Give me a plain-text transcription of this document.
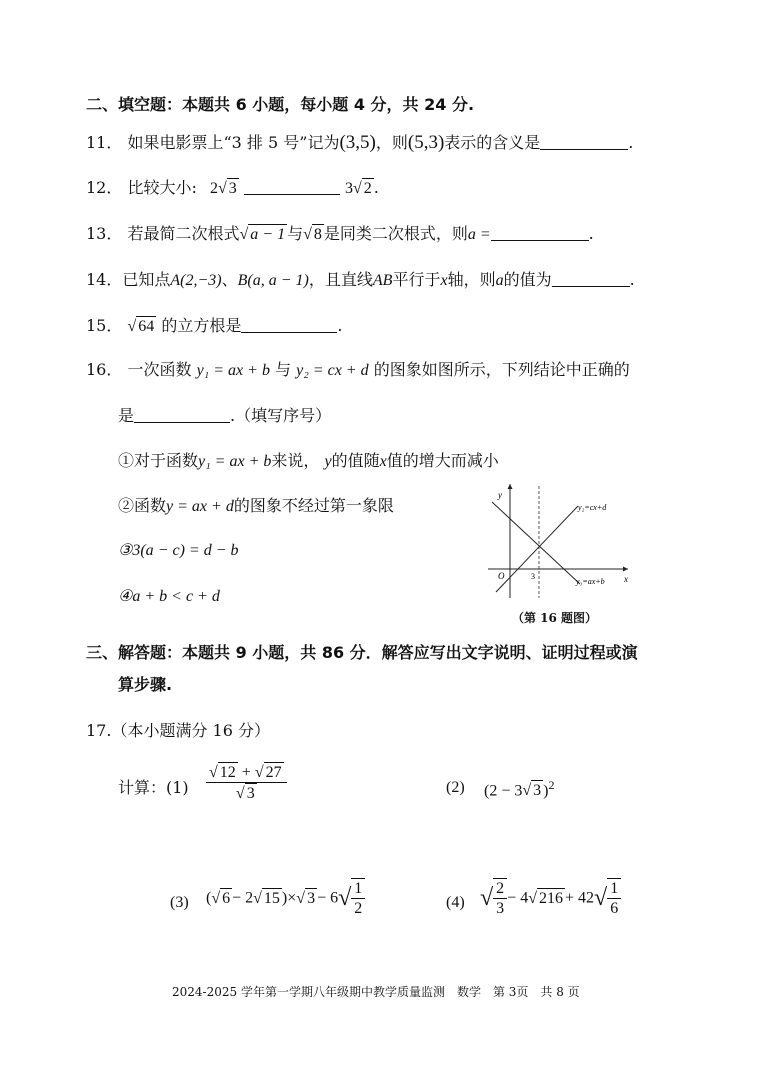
二、填空题：本题共 6 小题，每小题 4 分，共 24 分.
11． 如果电影票上“3 排 5 号”记为(3,5)，则(5,3)表示的含义是	.
12． 比较大小: 2√ 3	3√ 2 .
13． 若最简二次根式√ a − 1 与√ 8 是同类二次根式，则a =	.
14．已知点A(2,−3)、B(a, a − 1)，且直线AB平行于x轴，则a的值为	.
15． √ 64 的立方根是	.
16． 一次函数 y₁ = ax + b 与 y₂ = cx + d 的图象如图所示，下列结论中正确的
是	.（填写序号）
①对于函数y₁ = ax + b来说， y的值随x值的增大而减小
②函数y = ax + d的图象不经过第一象限
③3(a − c) = d − b
④a + b < c + d
y
x
O	3
y₂=cx+d
y₁=ax+b
（第 16 题图）
三、解答题：本题共 9 小题，共 86 分．解答应写出文字说明、证明过程或演
算步骤.
17.（本小题满分 16 分）
计算：$(1) \frac{√ 12 + √ 27}{√ 3}$	(2) (2 − 3√ 3 )$^2$
(3) (√ 6 − 2√ 15 )×√ $3 - 6√ \frac{1}{2}$	(4) √ $\frac{2}{3} - 4√$ $216 + 42√ \frac{1}{6}$
2024-2025 学年第一学期八年级期中教学质量监测　数学　第 3页　共 8 页
